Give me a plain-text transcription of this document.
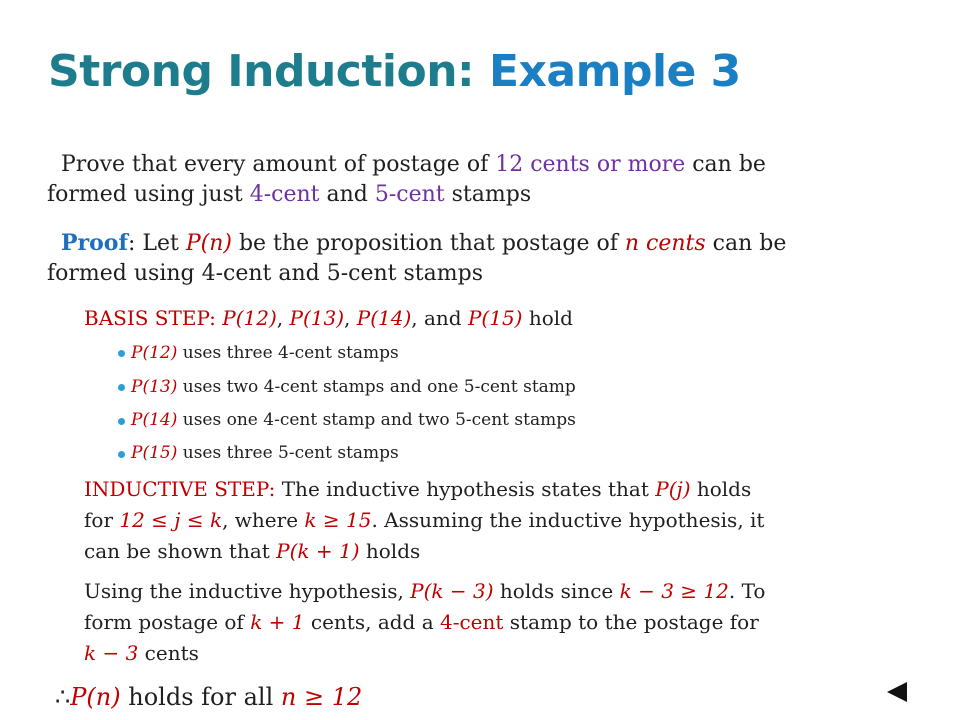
Strong Induction: Example 3
Prove that every amount of postage of 12 cents or more can be
formed using just 4-cent and 5-cent stamps
Proof: Let P(n) be the proposition that postage of n cents can be
formed using 4-cent and 5-cent stamps
BASIS STEP: P(12), P(13), P(14), and P(15) hold
P(12) uses three 4-cent stamps
P(13) uses two 4-cent stamps and one 5-cent stamp
P(14) uses one 4-cent stamp and two 5-cent stamps
P(15) uses three 5-cent stamps
INDUCTIVE STEP: The inductive hypothesis states that P(j) holds
for 12 ≤ j ≤ k, where k ≥ 15. Assuming the inductive hypothesis, it
can be shown that P(k + 1) holds
Using the inductive hypothesis, P(k − 3) holds since k − 3 ≥ 12. To
form postage of k + 1 cents, add a 4-cent stamp to the postage for
k − 3 cents
∴P(n) holds for all n ≥ 12
